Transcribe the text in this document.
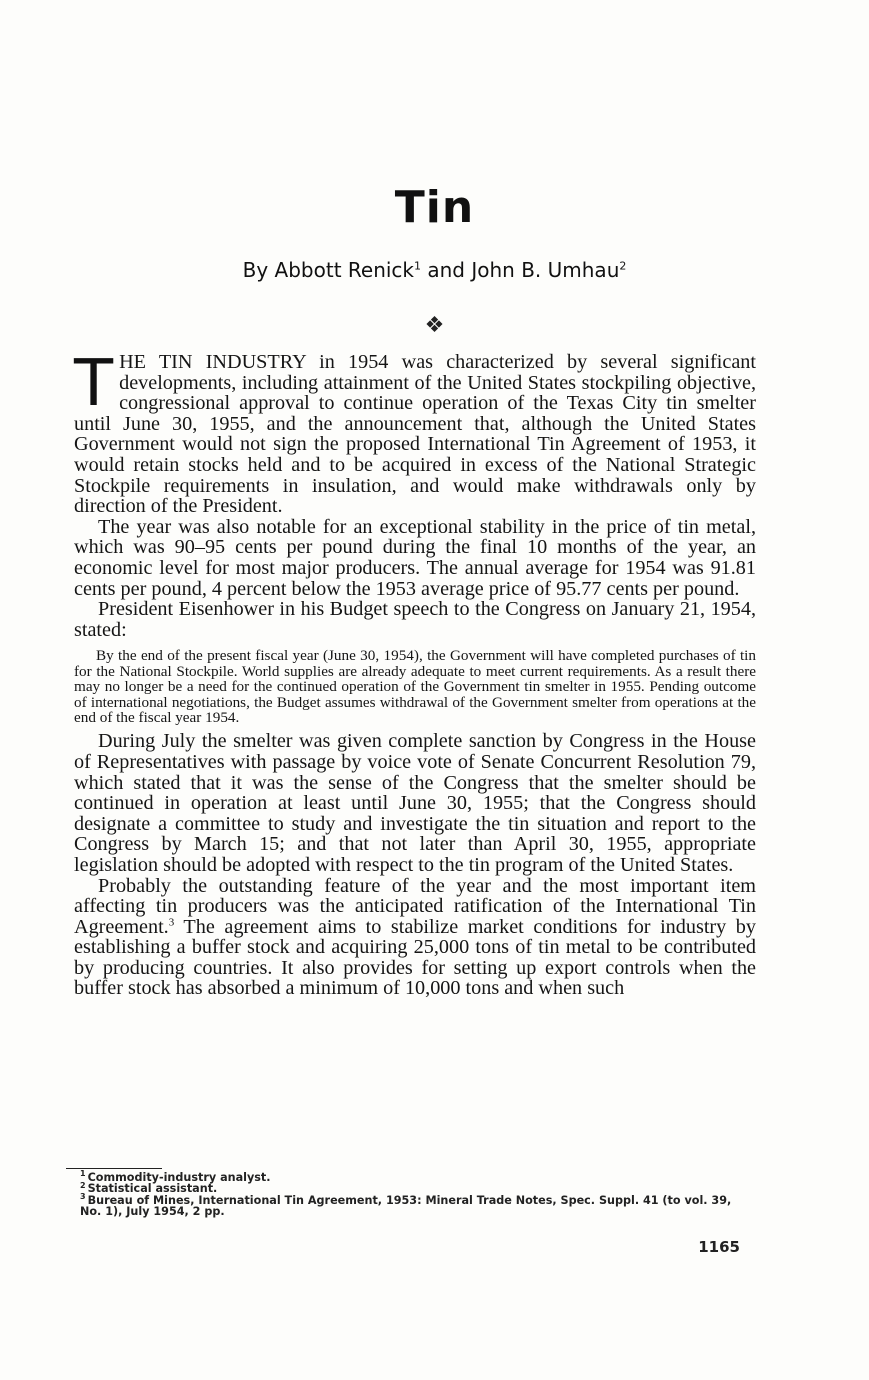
Tin
By Abbott Renick$^1$ and John B. Umhau$^2$
❖

THE TIN INDUSTRY in 1954 was characterized by several significant developments, including attainment of the United States stockpiling objective, congressional approval to continue operation of the Texas City tin smelter until June 30, 1955, and the announcement that, although the United States Government would not sign the proposed International Tin Agreement of 1953, it would retain stocks held and to be acquired in excess of the National Strategic Stockpile requirements in insulation, and would make withdrawals only by direction of the President.

The year was also notable for an exceptional stability in the price of tin metal, which was 90–95 cents per pound during the final 10 months of the year, an economic level for most major producers. The annual average for 1954 was 91.81 cents per pound, 4 percent below the 1953 average price of 95.77 cents per pound.

President Eisenhower in his Budget speech to the Congress on January 21, 1954, stated:

By the end of the present fiscal year (June 30, 1954), the Government will have completed purchases of tin for the National Stockpile. World supplies are already adequate to meet current requirements. As a result there may no longer be a need for the continued operation of the Government tin smelter in 1955. Pending outcome of international negotiations, the Budget assumes withdrawal of the Government smelter from operations at the end of the fiscal year 1954.

During July the smelter was given complete sanction by Congress in the House of Representatives with passage by voice vote of Senate Concurrent Resolution 79, which stated that it was the sense of the Congress that the smelter should be continued in operation at least until June 30, 1955; that the Congress should designate a committee to study and investigate the tin situation and report to the Congress by March 15; and that not later than April 30, 1955, appropriate legislation should be adopted with respect to the tin program of the United States.

Probably the outstanding feature of the year and the most important item affecting tin producers was the anticipated ratification of the International Tin Agreement.$^3$ The agreement aims to stabilize market conditions for industry by establishing a buffer stock and acquiring 25,000 tons of tin metal to be contributed by producing countries. It also provides for setting up export controls when the buffer stock has absorbed a minimum of 10,000 tons and when such

$^1$ Commodity-industry analyst.

$^2$ Statistical assistant.

$^3$ Bureau of Mines, International Tin Agreement, 1953: Mineral Trade Notes, Spec. Suppl. 41 (to vol. 39, No. 1), July 1954, 2 pp.

1165
